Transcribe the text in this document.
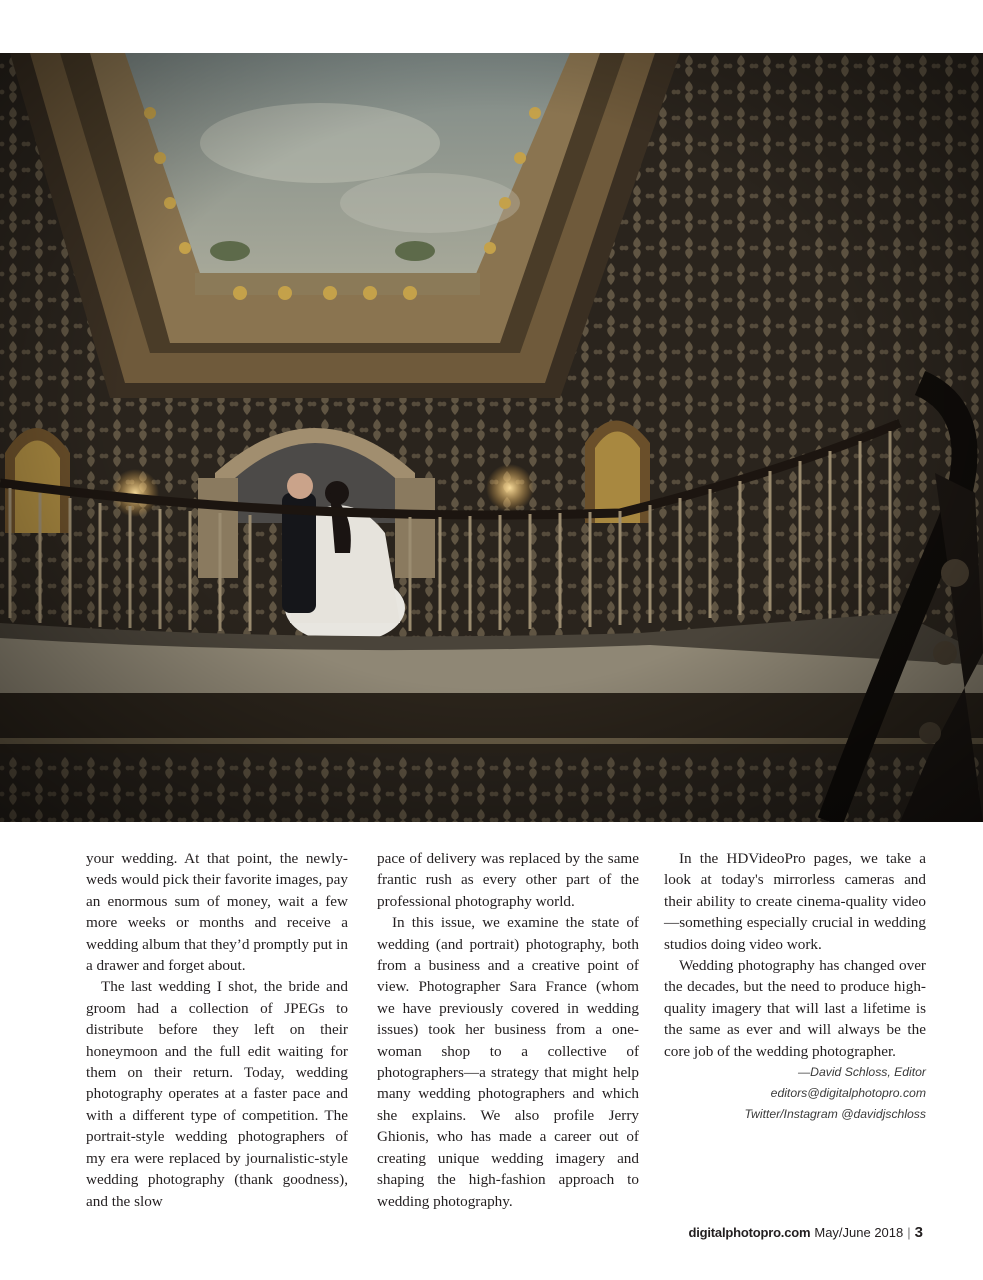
your wedding. At that point, the newly-weds would pick their favorite images, pay an enormous sum of money, wait a few more weeks or months and receive a wedding album that they’d promptly put in a drawer and forget about.

The last wedding I shot, the bride and groom had a collection of JPEGs to distribute before they left on their honeymoon and the full edit waiting for them on their return. Today, wedding photography operates at a faster pace and with a different type of competition. The portrait-style wedding photographers of my era were replaced by journalistic-style wedding photography (thank goodness), and the slow

pace of delivery was replaced by the same frantic rush as every other part of the professional photography world.

In this issue, we examine the state of wedding (and portrait) photography, both from a business and a creative point of view. Photographer Sara France (whom we have previously covered in wedding issues) took her business from a one-woman shop to a collective of photographers—a strategy that might help many wedding photographers and which she explains. We also profile Jerry Ghionis, who has made a career out of creating unique wedding imagery and shaping the high-fashion approach to wedding photography.

In the HDVideoPro pages, we take a look at today's mirrorless cameras and their ability to create cinema-quality video—something especially crucial in wedding studios doing video work.

Wedding photography has changed over the decades, but the need to produce high-quality imagery that will last a lifetime is the same as ever and will always be the core job of the wedding photographer.

—David Schloss, Editor
editors@digitalphotopro.com
Twitter/Instagram @davidjschloss
digitalphotopro.com May/June 2018 | 3
